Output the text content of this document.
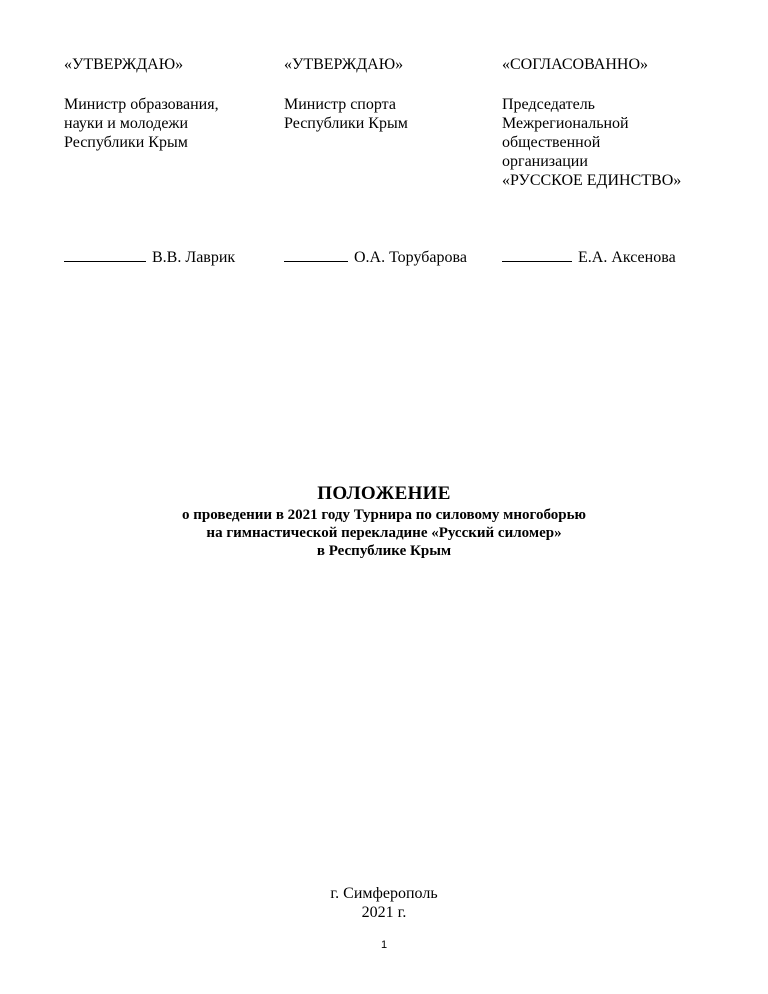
«УТВЕРЖДАЮ»
Министр образования,
науки и молодежи
Республики Крым
«УТВЕРЖДАЮ»
Министр спорта
Республики Крым
«СОГЛАСОВАННО»
Председатель
Межрегиональной
общественной
организации
«РУССКОЕ ЕДИНСТВО»
В.В. Лаврик	О.А. Торубарова	Е.А. Аксенова
ПОЛОЖЕНИЕ
о проведении в 2021 году Турнира по силовому многоборью
на гимнастической перекладине «Русский силомер»
в Республике Крым
г. Симферополь
2021 г.
1
